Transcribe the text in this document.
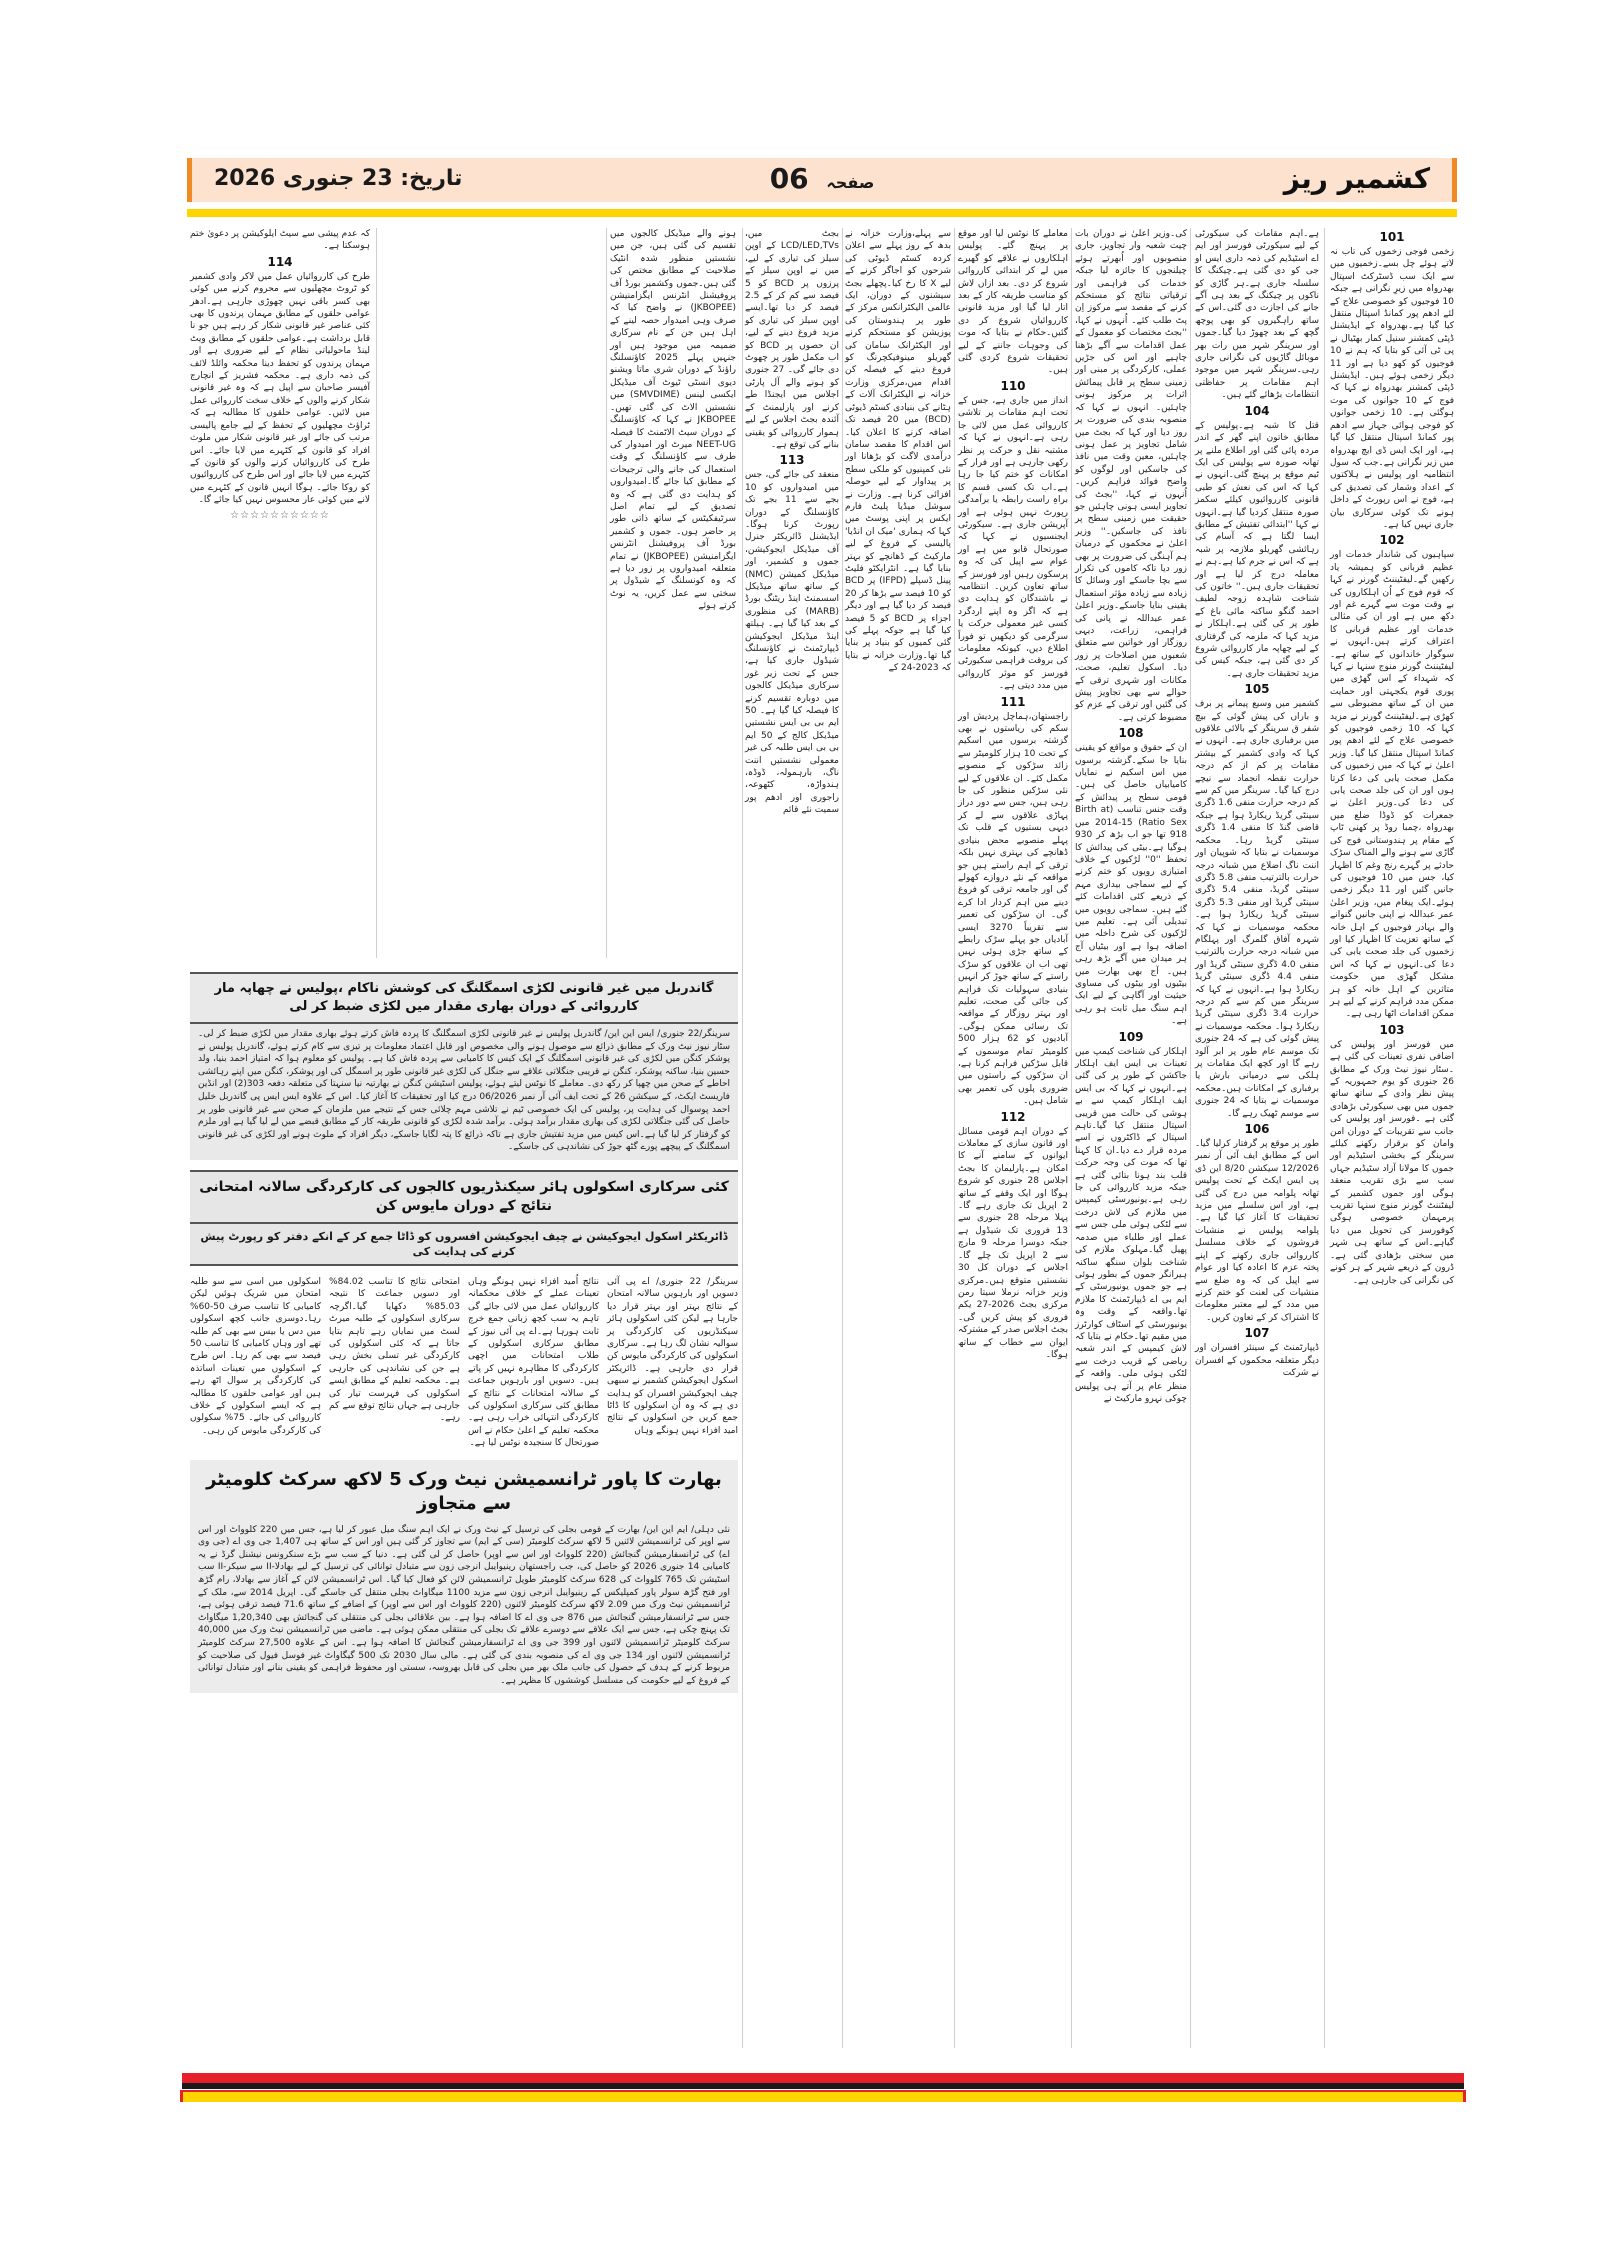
کشمیر ریز
صفحہ 06
تاریخ: 23 جنوری 2026
101

زخمی فوجی زخموں کی تاب نہ لاتے ہوئے چل بسے۔زخمیوں میں سے ایک سب ڈسٹرکٹ اسپتال بھدرواہ میں زیرِ نگرانی ہے جبکہ 10 فوجیوں کو خصوصی علاج کے لئے ادھم پور کمانڈ اسپتال منتقل کیا گیا ہے۔بھدرواہ کے ایڈیشنل ڈپٹی کمشنر سنیل کمار بھٹیال نے پی ٹی آئی کو بتایا کہ ہم نے 10 فوجیوں کو کھو دیا ہے اور 11 دیگر زخمی ہوئے ہیں۔ ایڈیشنل ڈپٹی کمشنر بھدرواہ نے کہا کہ فوج کے 10 جوانوں کی موت ہوگئی ہے۔ 10 زخمی جوانوں کو فوجی ہوائی جہاز سے ادھم پور کمانڈ اسپتال منتقل کیا گیا ہے، اور ایک ایس ڈی ایچ بھدرواہ میں زیر نگرانی ہے۔جب کہ سول انتظامیہ اور پولیس نے ہلاکتوں کے اعداد وشمار کی تصدیق کی ہے، فوج نے اس رپورٹ کے داخل ہونے تک کوئی سرکاری بیان جاری نہیں کیا ہے۔

102

سپاہیوں کی شاندار خدمات اور عظیم قربانی کو ہمیشہ یاد رکھیں گے۔لیفٹیننٹ گورنر نے کہا کہ قوم فوج کے اُن اہلکاروں کی بے وقت موت سے گہرے غم اور دکھ میں ہے اور ان کی مثالی خدمات اور عظیم قربانی کا اعتراف کرتے ہیں۔انہوں نے سوگوار خاندانوں کے ساتھ ہے۔لیفٹیننٹ گورنر منوج سنہا نے کہا کہ شہداء کے اس گھڑی میں پوری قوم یکجہتی اور حمایت میں ان کے ساتھ مضبوطی سے کھڑی ہے۔لیفٹیننٹ گورنر نے مزید کہا کہ 10 زخمی فوجیوں کو خصوصی علاج کے لئے ادھم پور کمانڈ اسپتال منتقل کیا گیا۔ وزیر اعلیٰ نے کہا کہ میں زخمیوں کی مکمل صحت یابی کی دعا کرتا ہوں اور ان کی جلد صحت یابی کی دعا کی۔وزیر اعلیٰ نے جمعرات کو ڈوڈا ضلع میں بھدرواہ ،چمبا روڈ پر کھنی ٹاپ کے مقام پر ہندوستانی فوج کی گاڑی سے ہونے والے المناک سڑک حادثے پر گہرے رنج وغم کا اظہار کیا، جس میں 10 فوجیوں کی جانیں گئیں اور 11 دیگر زخمی ہوئے۔ایک پیغام میں، وزیر اعلیٰ عمر عبداللہ نے اپنی جانیں گنوانے والے بہادر فوجیوں کے اہل خانہ کے ساتھ تعزیت کا اظہار کیا اور زخمیوں کی جلد صحت یابی کی دعا کی۔انہوں نے کہا کہ اس مشکل گھڑی میں حکومت متاثرین کے اہل خانہ کو ہر ممکن مدد فراہم کرنے کے لیے ہر ممکن اقدامات اٹھا رہی ہے۔

103

میں فورسز اور پولیس کی اضافی نفری تعینات کی گئی ہے ۔سٹار نیوز نیٹ ورک کے مطابق 26 جنوری کو یوم جمہوریہ کے پیش نظر وادی کے ساتھ ساتھ جموں میں بھی سیکورٹی بڑھادی گئی ہے ۔فورسز اور پولیس کی جانب سے تقریبات کے دوران امن وامان کو برقرار رکھنے کیلئے سرینگر کے بخشی اسٹیڈیم اور جموں کا مولانا آزاد سٹیڈیم جہاں سب سے بڑی تقریب منعقد ہوگی اور جموں کشمیر کے لیفٹننٹ گورنر منوج سنہا تقریب پرمہمان خصوصی ہوگی کوفورسز کی تحویل میں دیا گیاہے۔اس کے ساتھ ہی شہر میں سختی بڑھادی گئی ہے۔ڈرون کے ذریعے شہر کے ہر کونے کی نگرانی کی جارہی ہے۔

ہے۔اہم مقامات کی سیکورٹی کے لیے سیکورٹی فورسز اور ایم اے اسٹیڈیم کی ذمہ داری ایس او جی کو دی گئی ہے۔چیکنگ کا سلسلہ جاری ہے۔ہر گاڑی کو ناکوں پر چیکنگ کے بعد ہی آگے جانے کی اجازت دی گئی۔اس کے ساتھ راہگیروں کو بھی پوچھ گچھ کے بعد چھوڑ دیا گیا۔جموں اور سرینگر شہر میں رات بھر موبائل گاڑیوں کی نگرانی جاری رہی۔سرینگر شہر میں موجود اہم مقامات پر حفاظتی انتظامات بڑھائے گئے ہیں۔

104

قتل کا شبہ ہے۔پولیس کے مطابق خاتون اپنے گھر کے اندر مردہ پائی گئی اور اطلاع ملنے پر تھانہ صورہ سے پولیس کی ایک ٹیم موقع پر پہنچ گئی۔انہوں نے کہا کہ اس کی نعش کو طبی قانونی کارروائیوں کیلئے سکمز صورہ منتقل کردیا گیا ہے۔انہوں نے کہا ''ابتدائی تفتیش کے مطابق ایسا لگتا ہے کہ آسام کی رہائشی گھریلو ملازمہ پر شبہ ہے کہ اس نے جرم کیا ہے۔ہم نے معاملہ درج کر لیا ہے اور تحقیقات جاری ہیں۔'' خاتون کی شناخت شاہدہ زوجہ لطیف احمد گنگو ساکنہ مائی باغ کے طور پر کی گئی ہے۔اہلکار نے مزید کہا کہ ملزمہ کی گرفتاری کے لیے چھاپہ مار کارروائی شروع کر دی گئی ہے، جبکہ کیس کی مزید تحقیقات جاری ہے۔

105

کشمیر میں وسیع پیمانے پر برف و باراں کی پیش گوئی کے بیچ شفر ق سرینگر کے بالائی علاقوں میں برفباری جاری ہے۔ انہوں نے کہا کہ وادی کشمیر کے بیشتر مقامات پر کم از کم درجہ حرارت نقطہ انجماد سے نیچے درج کیا گیا۔ سرینگر میں کم سے کم درجہ حرارت منفی 1.6 ڈگری سینٹی گریڈ ریکارڈ ہوا ہے جبکہ قاضی گنڈ کا منفی 1.4 ڈگری سینٹی گریڈ رہا۔ محکمہ موسمیات نے بتایا کہ شوپیان اور اننت ناگ اضلاع میں شبانہ درجہ حرارت بالترتیب منفی 5.8 ڈگری سینٹی گریڈ، منفی 5.4 ڈگری سینٹی گریڈ اور منفی 5.3 ڈگری سینٹی گریڈ ریکارڈ ہوا ہے۔محکمہ موسمیات نے کہا کہ شہرہ آفاق گلمرگ اور پہلگام میں شبانہ درجہ حرارت بالترتیب منفی 4.0 ڈگری سینٹی گریڈ اور منفی 4.4 ڈگری سینٹی گریڈ ریکارڈ ہوا ہے۔انہوں نے کہا کہ سرینگر میں کم سے کم درجہ حرارت 3.4 ڈگری سینٹی گریڈ ریکارڈ ہوا۔ محکمہ موسمیات نے پیش گوئی کی ہے کہ 24 جنوری تک موسم عام طور پر ابر آلود رہے گا اور کچھ ایک مقامات پر ہلکی سے درمیانی بارش یا برفباری کے امکانات ہیں۔محکمہ موسمیات نے بتایا کہ 24 جنوری سے موسم ٹھیک رہے گا۔

106

طور پر موقع پر گرفتار کرلیا گیا۔اس کے مطابق ایف آئی آر نمبر 12/2026 سیکشن 8/20 این ڈی پی ایس ایکٹ کے تحت پولیس تھانہ پلوامہ میں درج کی گئی ہے، اور اس سلسلے میں مزید تحقیقات کا آغاز کیا گیا ہے۔پلوامہ پولیس نے منشیات فروشوں کے خلاف مسلسل کارروائی جاری رکھنے کے اپنے پختہ عزم کا اعادہ کیا اور عوام سے اپیل کی کہ وہ ضلع سے منشیات کی لعنت کو ختم کرنے میں مدد کے لیے معتبر معلومات کا اشتراک کر کے تعاون کریں۔

107

ڈیپارٹمنٹ کے سینئر افسران اور دیگر متعلقہ محکموں کے افسران نے شرکت

کی۔وزیر اعلیٰ نے دوران بات چیت شعبہ وار تجاویز، جاری منصوبوں اور اُبھرتے ہوئے چیلنجوں کا جائزہ لیا جبکہ خدمات کی فراہمی اور ترقیاتی نتائج کو مستحکم کرنے کے مقصد سے مرکوز اِن پٹ طلب کئے۔ اُنہوں نے کہا، ''بجٹ مختصات کو معمول کے عمل اقدامات سے آگے بڑھنا چاہیے اور اس کی جڑیں عملی، کارکردگی پر مبنی اور زمینی سطح پر قابل پیمائش اثرات پر مرکوز ہونی چاہئیں۔ انہوں نے کہا کہ منصوبہ بندی کی ضرورت پر روز دیا اور کہا کہ بجٹ میں شامل تجاویز پر عمل ہونی چاہئیں، معین وقت میں نافذ کی جاسکیں اور لوگوں کو واضح فوائد فراہم کریں۔ اُنہوں نے کہا، ''بجٹ کی تجاویز ایسی ہونی چاہئیں جو حقیقت میں زمینی سطح پر نافذ کی جاسکیں۔'' وزیر اعلیٰ نے محکموں کے درمیان ہم آہنگی کی ضرورت پر بھی زور دیا تاکہ کاموں کی تکرار سے بچا جاسکے اور وسائل کا زیادہ سے زیادہ مؤثر استعمال یقینی بنایا جاسکے۔وزیر اعلیٰ عمر عبداللہ نے پانی کی فراہمی، زراعت، دیہی روزگار اور خواتین سے متعلق شعبوں میں اصلاحات پر زور دیا۔ اسکول تعلیم، صحت، مکانات اور شہری ترقی کے حوالے سے بھی تجاویز پیش کی گئیں اور ترقی کے عزم کو مضبوط کرتی ہے۔

108

ان کے حقوق و مواقع کو یقینی بنایا جا سکے۔گزشتہ برسوں میں اس اسکیم نے نمایاں کامیابیاں حاصل کی ہیں۔قومی سطح پر پیدائش کے وقت جنس تناسب (Birth at Ratio Sex) 2014-15 میں 918 تھا جو اب بڑھ کر 930 ہوگیا ہے۔بیٹی کی پیدائش کا تحفظ ''0'' لڑکیوں کے خلاف امتیازی رویوں کو ختم کرنے کے لیے سماجی بیداری مہم کے ذریعے کئی اقدامات کئے گئے ہیں۔ سماجی رویوں میں تبدیلی آئی ہے۔ تعلیم میں لڑکیوں کی شرح داخلہ میں اضافہ ہوا ہے اور بیٹیاں آج ہر میدان میں آگے بڑھ رہی ہیں۔ آج بھی بھارت میں بیٹیوں اور بیٹوں کی مساوی حیثیت اور آگاہی کے لیے ایک اہم سنگ میل ثابت ہو رہی ہے۔

109

اہلکار کی شناخت کیمپ میں تعینات بی ایس ایف اہلکار جاکشن کے طور پر کی گئی ہے۔انہوں نے کہا کہ بی ایس ایف اہلکار کیمپ سے بے ہوشی کی حالت میں قریبی اسپتال منتقل کیا گیا۔تاہم اسپتال کے ڈاکٹروں نے اسے مردہ قرار دے دیا۔ان کا کہنا تھا کہ موت کی وجہ حرکت قلب بند ہونا بتائی گئی ہے جبکہ مزید کارروائی کی جا رہی ہے۔یونیورسٹی کیمپس میں ملازم کی لاش درخت سے لٹکی ہوئی ملی جس سے عملے اور طلباء میں صدمہ پھیل گیا۔مہلوک ملازم کی شناخت بلوان سنگھ ساکنہ ہیرانگر جموں کے بطور ہوئی ہے جو جموں یونیورسٹی کے ایم بی اے ڈیپارٹمنٹ کا ملازم تھا۔واقعہ کے وقت وہ یونیورسٹی کے اسٹاف کوارٹرز میں مقیم تھا۔حکام نے بتایا کہ لاش کیمپس کے اندر شعبہ ریاضی کے قریب درخت سے لٹکی ہوئی ملی۔ واقعہ کے منظر عام پر آتے ہی پولیس چوکی نہرو مارکیٹ نے

معاملے کا نوٹس لیا اور موقع پر پہنچ گئے۔ پولیس اہلکاروں نے علاقے کو گھیرے میں لے کر ابتدائی کارروائی شروع کر دی۔ بعد ازاں لاش کو مناسب طریقہ کار کے بعد اتار لیا گیا اور مزید قانونی کارروائیاں شروع کر دی گئیں۔حکام نے بتایا کہ موت کی وجوہات جاننے کے لیے تحقیقات شروع کردی گئی ہیں۔

110

انداز میں جاری ہے، جس کے تحت اہم مقامات پر تلاشی کارروائی عمل میں لائی جا رہی ہے۔انہوں نے کہا کہ مشتبہ نقل و حرکت پر نظر رکھی جارہی ہے اور فرار کے امکانات کو ختم کیا جا رہا ہے۔اب تک کسی قسم کا براہِ راست رابطہ یا برآمدگی رپورٹ نہیں ہوئی ہے اور آپریشن جاری ہے۔ سیکورٹی ایجنسیوں نے کہا کہ صورتحال قابو میں ہے اور عوام سے اپیل کی کہ وہ پرسکون رہیں اور فورسز کے ساتھ تعاون کریں۔ انتظامیہ نے باشندگان کو ہدایت دی ہے کہ اگر وہ اپنے اردگرد کسی غیر معمولی حرکت یا سرگرمی کو دیکھیں تو فوراً اطلاع دیں، کیونکہ معلومات کی بروقت فراہمی سکیورٹی فورسز کو موثر کارروائی میں مدد دیتی ہے۔

111

راجستھان،ہماچل پردیش اور سکم کی ریاستوں نے بھی گزشتہ برسوں میں اسکیم کے تحت 10 ہزار کلومیٹر سے زائد سڑکوں کے منصوبے مکمل کئے۔ ان علاقوں کے لیے نئی سڑکیں منظور کی جا رہی ہیں، جس سے دور دراز پہاڑی علاقوں سے لے کر دیہی بستیوں کے قلب تک پہلے منصوبے محض بنیادی ڈھانچے کی بہتری نہیں بلکہ ترقی کے اہم راستے ہیں جو مواقعہ کے نئے دروازے کھولے گی اور جامعہ ترقی کو فروغ دینے میں اہم کردار ادا کرے گی۔ ان سڑکوں کی تعمیر سے تقریباً 3270 ایسی آبادیاں جو پہلے سڑک رابطے کے ساتھ جڑی ہوئی نہیں تھی اب ان علاقوں کو سڑک راستے کے ساتھ جوڑ کر انہیں بنیادی سہولیات تک فراہم کی جائی گی صحت، تعلیم اور بہتر روزگار کے مواقعہ تک رسائی ممکن ہوگی۔ آبادیوں کو 62 ہزار 500 کلومیٹر تمام موسموں کے قابل سڑکیں فراہم کرنا ہے، ان سڑکوں کے راستوں میں ضروری پلوں کی تعمیر بھی شامل ہیں۔

112

کے دوران اہم قومی مسائل اور قانون سازی کے معاملات ایوانوں کے سامنے آنے کا امکان ہے۔پارلیمان کا بجٹ اجلاس 28 جنوری کو شروع ہوگا اور ایک وقفے کے ساتھ 2 اپریل تک جاری رہے گا۔ پہلا مرحلہ 28 جنوری سے 13 فروری تک شیڈول ہے جبکہ دوسرا مرحلہ 9 مارچ سے 2 اپریل تک چلے گا۔اجلاس کے دوران کل 30 نشستیں متوقع ہیں۔مرکزی وزیر خزانہ نرملا سیتا رمن مرکزی بجٹ 2026-27 یکم فروری کو پیش کریں گی۔ بجٹ اجلاس صدر کے مشترکہ ایوان سے خطاب کے ساتھ ہوگا۔

سے پہلے،وزارت خزانہ نے بدھ کے روز پہلے سے اعلان کردہ کسٹم ڈیوٹی کی شرحوں کو اجاگر کرنے کے لیے X کا رخ کیا۔پچھلے بجٹ سیشنوں کے دوران، ایک عالمی الیکٹرانکس مرکز کے طور پر ہندوستان کی پوزیشن کو مستحکم کرنے اور الیکٹرانک سامان کی گھریلو مینوفیکچرنگ کو فروغ دینے کے فیصلہ کن اقدام میں،مرکزی وزارت خزانہ نے الیکٹرانک آلات کے ہٹانے کی بنیادی کسٹم ڈیوٹی (BCD) میں 20 فیصد تک اضافہ کرنے کا اعلان کیا۔ اس اقدام کا مقصد سامان درآمدی لاگت کو بڑھانا اور نئی کمپنیوں کو ملکی سطح پر پیداوار کے لیے حوصلہ افزائی کرنا ہے۔ وزارت نے سوشل میڈیا پلیٹ فارم ایکس پر اپنی پوسٹ میں کہا کہ ہماری 'میک ان انڈیا' پالیسی کے فروغ کے لیے مارکیٹ کے ڈھانچے کو بہتر بنایا گیا ہے۔ انٹرایکٹو فلیٹ پینل ڈسپلے (IFPD) پر BCD کو 10 فیصد سے بڑھا کر 20 فیصد کر دیا گیا ہے اور دیگر اجزاء پر BCD کو 5 فیصد کیا گیا ہے جوکہ پہلے کی گئی کمیوں کو بنیاد پر بنایا گیا تھا۔وزارت خزانہ نے بتایا کہ 2023-24 کے

بجٹ میں، LCD/LED,TVs کے اوپن سیلز کی تیاری کے لیے، میں نے اوپن سیلز کے پرزوں پر BCD کو 5 فیصد سے کم کر کے 2.5 فیصد کر دیا تھا۔ایسے اوپن سیلز کی تیاری کو مزید فروغ دینے کے لیے، ان حصوں پر BCD کو اب مکمل طور پر چھوٹ دی جائے گی۔ 27 جنوری کو ہونے والے آل پارٹی اجلاس میں ایجنڈا طے کرنے اور پارلیمنٹ کے آئندہ بجٹ اجلاس کے لیے ہموار کارروائی کو یقینی بنانے کی توقع ہے۔

113

منعقد کی جائے گی، جس میں امیدواروں کو 10 بجے سے 11 بجے تک کاؤنسلنگ کے دوران رپورٹ کرنا ہوگا۔ ایڈیشنل ڈائریکٹر جنرل آف میڈیکل ایجوکیشن، جموں و کشمیر، اور میڈیکل کمیشن (NMC) کے ساتھ ساتھ میڈیکل اسسمنٹ اینڈ ریٹنگ بورڈ (MARB) کی منظوری کے بعد کیا گیا ہے۔ ہیلتھ اینڈ میڈیکل ایجوکیشن ڈیپارٹمنٹ نے کاؤنسلنگ شیڈول جاری کیا ہے، جس کے تحت زیر غور سرکاری میڈیکل کالجوں میں دوبارہ تقسیم کرنے کا فیصلہ کیا گیا ہے۔ 50 ایم بی بی ایس نشستیں میڈیکل کالج کے 50 ایم بی بی ایس طلبہ کی غیر معمولی نشستیں اننت ناگ، بارہمولہ، ڈوڈہ، ہندواڑہ، کٹھوعہ، راجوری اور ادھم پور سمیت نئے قائم

ہونے والے میڈیکل کالجوں میں تقسیم کی گئی ہیں، جن میں نشستیں منظور شدہ انٹیک صلاحیت کے مطابق مختص کی گئی ہیں۔جموں وکشمیر بورڈ آف پروفیشنل انٹرنس ایگزامنیشن (JKBOPEE) نے واضح کیا کہ صرف وہی امیدوار حصہ لینے کے اہل ہیں جن کے نام سرکاری ضمیمہ میں موجود ہیں اور جنہیں پہلے 2025 کاؤنسلنگ راؤنڈ کے دوران شری ماتا ویشنو دیوی انسٹی ٹیوٹ آف میڈیکل ایکسی لینس (SMVDIME) میں نشستیں الاٹ کی گئی تھیں۔JKBOPEE نے کہا کہ کاؤنسلنگ کے دوران سیٹ الاٹمنٹ کا فیصلہ NEET-UG میرٹ اور امیدوار کی طرف سے کاؤنسلنگ کے وقت استعمال کی جانے والی ترجیحات کے مطابق کیا جائے گا۔امیدواروں کو ہدایت دی گئی ہے کہ وہ تصدیق کے لیے تمام اصل سرٹیفکیٹس کے ساتھ ذاتی طور پر حاضر ہوں۔ جموں و کشمیر بورڈ آف پروفیشنل انٹرنس ایگزامنیشن (JKBOPEE) نے تمام متعلقہ امیدواروں پر زور دیا ہے کہ وہ کونسلنگ کے شیڈول پر سختی سے عمل کریں، یہ نوٹ کرتے ہوئے

کہ عدم پیشی سے سیٹ ایلوکیشن پر دعویٰ ختم ہوسکتا ہے۔

114

طرح کی کارروائیاں عمل میں لاکر وادی کشمیر کو ٹروٹ مچھلیوں سے محروم کرنے میں کوئی بھی کسر باقی نہیں چھوڑی جارہی ہے۔ادھر عوامی حلقوں کے مطابق مہمان پرندوں کا بھی کئی عناصر غیر قانونی شکار کر رہے ہیں جو نا قابل برداشت ہے۔عوامی حلقوں کے مطابق ویٹ لینڈ ماحولیاتی نظام کے لیے ضروری ہے اور مہمان پرندوں کو تحفظ دینا محکمہ وائلڈ لائف کی ذمہ داری ہے۔ محکمہ فشریز کے انچارج آفیسر صاحبان سے اپیل ہے کہ وہ غیر قانونی شکار کرنے والوں کے خلاف سخت کارروائی عمل میں لائیں۔ عوامی حلقوں کا مطالبہ ہے کہ ٹراؤٹ مچھلیوں کے تحفظ کے لیے جامع پالیسی مرتب کی جائے اور غیر قانونی شکار میں ملوث افراد کو قانون کے کٹہرے میں لایا جائے۔ اس طرح کی کارروائیاں کرنے والوں کو قانون کے کٹہرے میں لایا جائے اور اس طرح کی کارروائیوں کو روکا جائے۔ ہوگا انہیں قانون کے کٹہرے میں لانے میں کوئی عار محسوس نہیں کیا جائے گا۔

☆☆☆☆☆☆☆☆☆☆
گاندربل میں غیر قانونی لکڑی اسمگلنگ کی کوشش ناکام ،پولیس نے چھاپہ مار کارروائی کے دوران بھاری مقدار میں لکڑی ضبط کر لی
سرینگر/22 جنوری/ ایس این این/ گاندربل پولیس نے غیر قانونی لکڑی اسمگلنگ کا پردہ فاش کرتے ہوئے بھاری مقدار میں لکڑی ضبط کر لی۔ سٹار نیوز نیٹ ورک کے مطابق ذرائع سے موصول ہونے والی مخصوص اور قابل اعتماد معلومات پر تیزی سے کام کرتے ہوئے، گاندربل پولیس نے پوشکر کنگن میں لکڑی کی غیر قانونی اسمگلنگ کے ایک کیس کا کامیابی سے پردہ فاش کیا ہے۔ پولیس کو معلوم ہوا کہ امتیاز احمد بنیا، ولد حسین بنیا، ساکنہ پوشکر، کنگن نے قریبی جنگلاتی علاقے سے جنگل کی لکڑی غیر قانونی طور پر اسمگل کی اور پوشکر، کنگن میں اپنے رہائشی احاطے کے صحن میں چھپا کر رکھ دی۔ معاملے کا نوٹس لیتے ہوئے، پولیس اسٹیشن کنگن نے بھارتیہ نیا سنہتا کی متعلقہ دفعہ 303(2) اور انڈین فاریسٹ ایکٹ، کے سیکشن 26 کے تحت ایف آئی آر نمبر 06/2026 درج کیا اور تحقیقات کا آغاز کیا۔ اس کے علاوہ ایس ایس پی گاندربل خلیل احمد پوسوال کی ہدایت پر، پولیس کی ایک خصوصی ٹیم نے تلاشی مہم چلائی جس کے نتیجے میں ملزمان کے صحن سے غیر قانونی طور پر حاصل کی گئی جنگلاتی لکڑی کی بھاری مقدار برآمد ہوئی۔ برآمد شدہ لکڑی کو قانونی طریقہ کار کے مطابق قبضے میں لے لیا گیا ہے اور ملزم کو گرفتار کر لیا گیا ہے۔اس کیس میں مزید تفتیش جاری ہے تاکہ ذرائع کا پتہ لگایا جاسکے، دیگر افراد کے ملوث ہونے اور لکڑی کی غیر قانونی اسمگلنگ کے پیچھے پورے گٹھ جوڑ کی نشاندہی کی جاسکے۔
کئی سرکاری اسکولوں ہائر سیکنڈریوں کالجوں کی کارکردگی سالانہ امتحانی نتائج کے دوران مایوس کن
ڈائریکٹر اسکول ایجوکیشن نے چیف ایجوکیشن افسروں کو ڈاٹا جمع کر کے انکے دفتر کو رپورٹ پیش کرنے کی ہدایت کی
سرینگر/ 22 جنوری/ اے پی آئی دسویں اور بارہویں سالانہ امتحان کے نتائج بہتر اور بہتر قرار دیا جارہا ہے لیکن کئی اسکولوں ہائر سیکنڈریوں کی کارکردگی پر سوالیہ نشان لگ رہا ہے۔ سرکاری اسکولوں کی کارکردگی مایوس کن قرار دی جارہی ہے۔ ڈائریکٹر اسکول ایجوکیشن کشمیر نے سبھی چیف ایجوکیشن افسران کو ہدایت دی ہے کہ وہ اُن اسکولوں کا ڈاٹا جمع کریں جن اسکولوں کے نتائج امید افزاء نہیں ہونگے وہاں
نتائج اُمید افزاء نہیں ہونگے وہاں تعینات عملے کے خلاف محکمانہ کارروائیاں عمل میں لائی جائے گی تاہم یہ سب کچھ زبانی جمع خرچ ثابت ہورہا ہے۔اے پی آئی نیوز کے مطابق سرکاری اسکولوں کے طلاب امتحانات میں اچھی کارکردگی کا مظاہرہ نہیں کر پاتے ہیں۔ دسویں اور بارہویں جماعت کے سالانہ امتحانات کے نتائج کے مطابق کئی سرکاری اسکولوں کی کارکردگی انتہائی خراب رہی ہے۔ محکمہ تعلیم کے اعلیٰ حکام نے اس صورتحال کا سنجیدہ نوٹس لیا ہے۔
امتحانی نتائج کا تناسب 84.02% اور دسویں جماعت کا نتیجہ 85.03% دکھایا گیا۔اگرچہ سرکاری اسکولوں کے طلبہ میرٹ لسٹ میں نمایاں رہے تاہم بتایا جاتا ہے کہ کئی اسکولوں کی کارکردگی غیر تسلی بخش رہی ہے جن کی نشاندہی کی جارہی ہے۔ محکمہ تعلیم کے مطابق ایسے اسکولوں کی فہرست تیار کی جارہی ہے جہاں نتائج توقع سے کم رہے۔
اسکولوں میں اسی سے سو طلبہ امتحان میں شریک ہوئیں لیکن کامیابی کا تناسب صرف 50-60% رہا۔دوسری جانب کچھ اسکولوں میں دس یا بیس سے بھی کم طلبہ تھے اور وہاں کامیابی کا تناسب 50 فیصد سے بھی کم رہا۔ اس طرح کے اسکولوں میں تعینات اساتذہ کی کارکردگی پر سوال اٹھ رہے ہیں اور عوامی حلقوں کا مطالبہ ہے کہ ایسے اسکولوں کے خلاف کارروائی کی جائے۔ 75% سکولوں کی کارکردگی مایوس کن رہی۔
بھارت کا پاور ٹرانسمیشن نیٹ ورک 5 لاکھ سرکٹ کلومیٹر سے متجاوز
نئی دہلی/ ایم این این/ بھارت کے قومی بجلی کی ترسیل کے نیٹ ورک نے ایک اہم سنگ میل عبور کر لیا ہے، جس میں 220 کلوواٹ اور اس سے اوپر کی ٹرانسمیشن لائنیں 5 لاکھ سرکٹ کلومیٹر (سی کے ایم) سے تجاوز کر گئی ہیں اور اس کے ساتھ ہی 1,407 جی وی اے (جی وی اے) کی ٹرانسفارمیشن گنجائش (220 کلوواٹ اور اس سے اوپر) حاصل کر لی گئی ہے۔ دنیا کے سب سے بڑے سنکرونس نیشنل گرڈ نے یہ کامیابی 14 جنوری 2026 کو حاصل کی، جب راجستھان رینیوایبل انرجی زون سے متبادل توانائی کی ترسیل کے لیے بھادلا-II سے سیکر-II سب اسٹیشن تک 765 کلوواٹ کی 628 سرکٹ کلومیٹر طویل ٹرانسمیشن لائن کو فعال کیا گیا۔ اس ٹرانسمیشن لائن کے آغاز سے بھادلا، رام گڑھ اور فتح گڑھ سولر پاور کمپلیکس کے رینیوایبل انرجی زون سے مزید 1100 میگاواٹ بجلی منتقل کی جاسکے گی۔ اپریل 2014 سے، ملک کے ٹرانسمیشن نیٹ ورک میں 2.09 لاکھ سرکٹ کلومیٹر لائنوں (220 کلوواٹ اور اس سے اوپر) کے اضافے کے ساتھ 71.6 فیصد ترقی ہوئی ہے، جس سے ٹرانسفارمیشن گنجائش میں 876 جی وی اے کا اضافہ ہوا ہے۔ بین علاقائی بجلی کی منتقلی کی گنجائش بھی 1,20,340 میگاواٹ تک پہنچ چکی ہے، جس سے ایک علاقے سے دوسرے علاقے تک بجلی کی منتقلی ممکن ہوئی ہے۔ ماضی میں ٹرانسمیشن نیٹ ورک میں 40,000 سرکٹ کلومیٹر ٹرانسمیشن لائنوں اور 399 جی وی اے ٹرانسفارمیشن گنجائش کا اضافہ ہوا ہے۔ اس کے علاوہ 27,500 سرکٹ کلومیٹر ٹرانسمیشن لائنوں اور 134 جی وی اے کی منصوبہ بندی کی گئی ہے۔ مالی سال 2030 تک 500 گیگاواٹ غیر فوسل فیول کی صلاحیت کو مربوط کرنے کے ہدف کے حصول کی جانب ملک بھر میں بجلی کی قابل بھروسہ، سستی اور محفوظ فراہمی کو یقینی بنانے اور متبادل توانائی کے فروغ کے لیے حکومت کی مسلسل کوششوں کا مظہر ہے۔
